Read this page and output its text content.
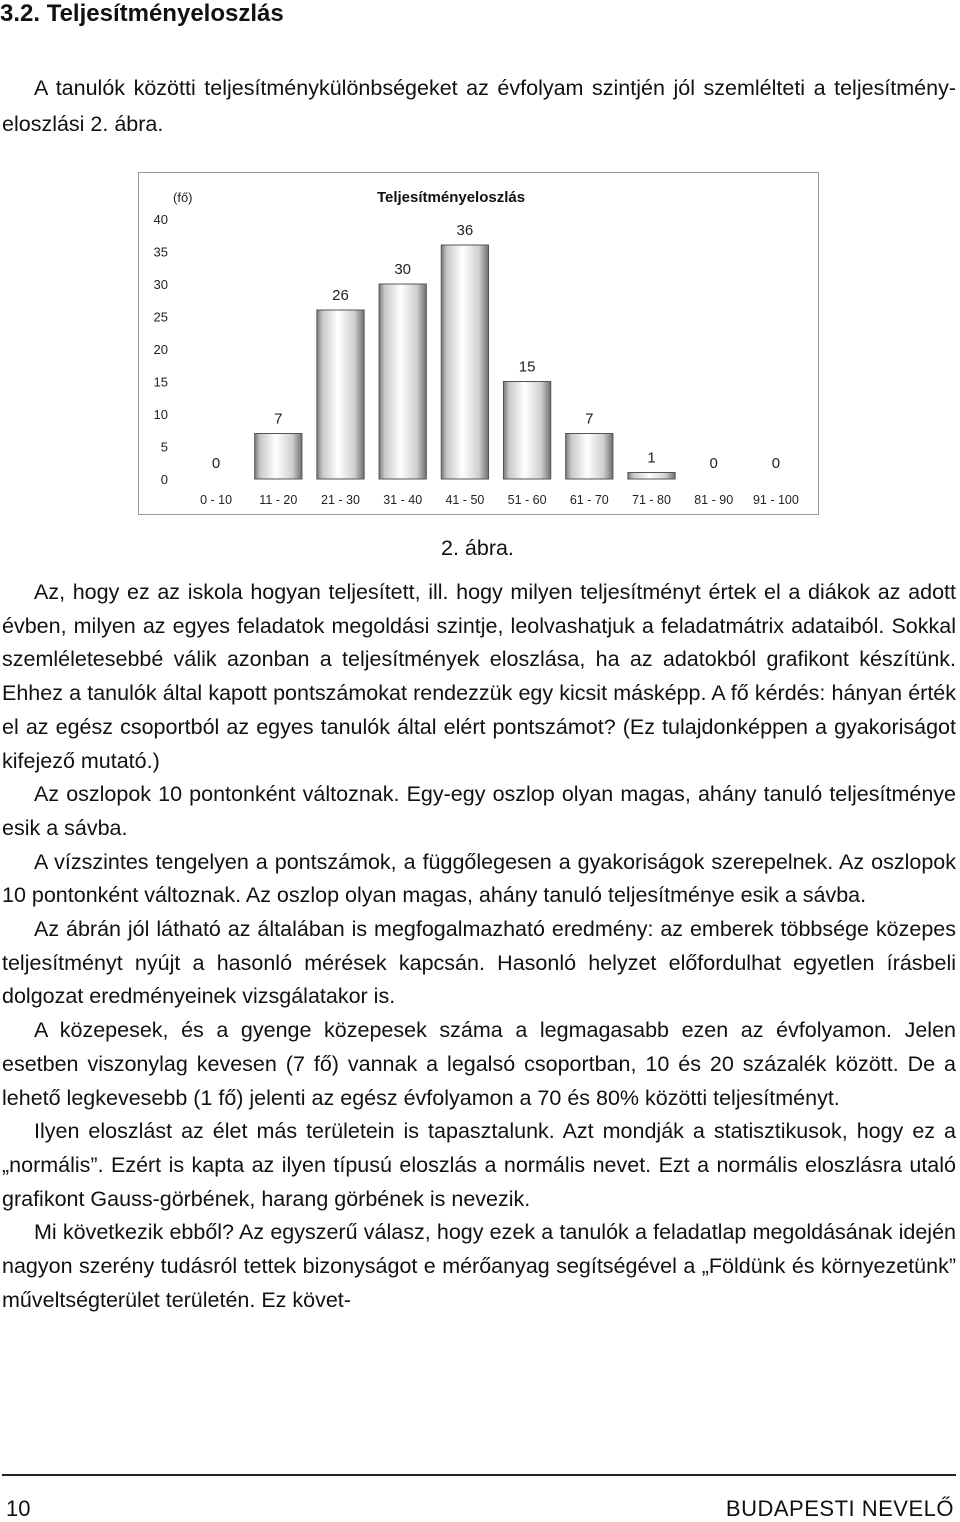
3.2. Teljesítményeloszlás

A tanulók közötti teljesítménykülönbségeket az évfolyam szintjén jól szemlélteti a teljesítmény-eloszlási 2. ábra.

Teljesítményeloszlás
(fő)
0
5
10
15
20
25
30
35
40
0
0 - 10
7
11 - 20
26
21 - 30
30
31 - 40
36
41 - 50
15
51 - 60
7
61 - 70
1
71 - 80
0
81 - 90
0
91 - 100
2. ábra.

Az, hogy ez az iskola hogyan teljesített, ill. hogy milyen teljesítményt értek el a diákok az adott évben, milyen az egyes feladatok megoldási szintje, leolvashatjuk a feladatmátrix adataiból. Sokkal szemléletesebbé válik azonban a teljesítmények eloszlása, ha az adatokból grafikont készítünk. Ehhez a tanulók által kapott pontszámokat rendezzük egy kicsit másképp. A fő kérdés: hányan érték el az egész csoportból az egyes tanulók által elért pontszámot? (Ez tulajdonképpen a gyakoriságot kifejező mutató.)

Az oszlopok 10 pontonként változnak. Egy-egy oszlop olyan magas, ahány tanuló teljesítménye esik a sávba.

A vízszintes tengelyen a pontszámok, a függőlegesen a gyakoriságok szerepelnek. Az oszlopok 10 pontonként változnak. Az oszlop olyan magas, ahány tanuló teljesítménye esik a sávba.

Az ábrán jól látható az általában is megfogalmazható eredmény: az emberek többsége közepes teljesítményt nyújt a hasonló mérések kapcsán. Hasonló helyzet előfordulhat egyetlen írásbeli dolgozat eredményeinek vizsgálatakor is.

A közepesek, és a gyenge közepesek száma a legmagasabb ezen az évfolyamon. Jelen esetben viszonylag kevesen (7 fő) vannak a legalsó csoportban, 10 és 20 százalék között. De a lehető legkevesebb (1 fő) jelenti az egész évfolyamon a 70 és 80% közötti teljesítményt.

Ilyen eloszlást az élet más területein is tapasztalunk. Azt mondják a statisztikusok, hogy ez a „normális”. Ezért is kapta az ilyen típusú eloszlás a normális nevet. Ezt a normális eloszlásra utaló grafikont Gauss-görbének, harang görbének is nevezik.

Mi következik ebből? Az egyszerű válasz, hogy ezek a tanulók a feladatlap megoldásának idején nagyon szerény tudásról tettek bizonyságot e mérőanyag segítségével a „Földünk és környezetünk” műveltségterület területén. Ez követ-

10	BUDAPESTI NEVELŐ
